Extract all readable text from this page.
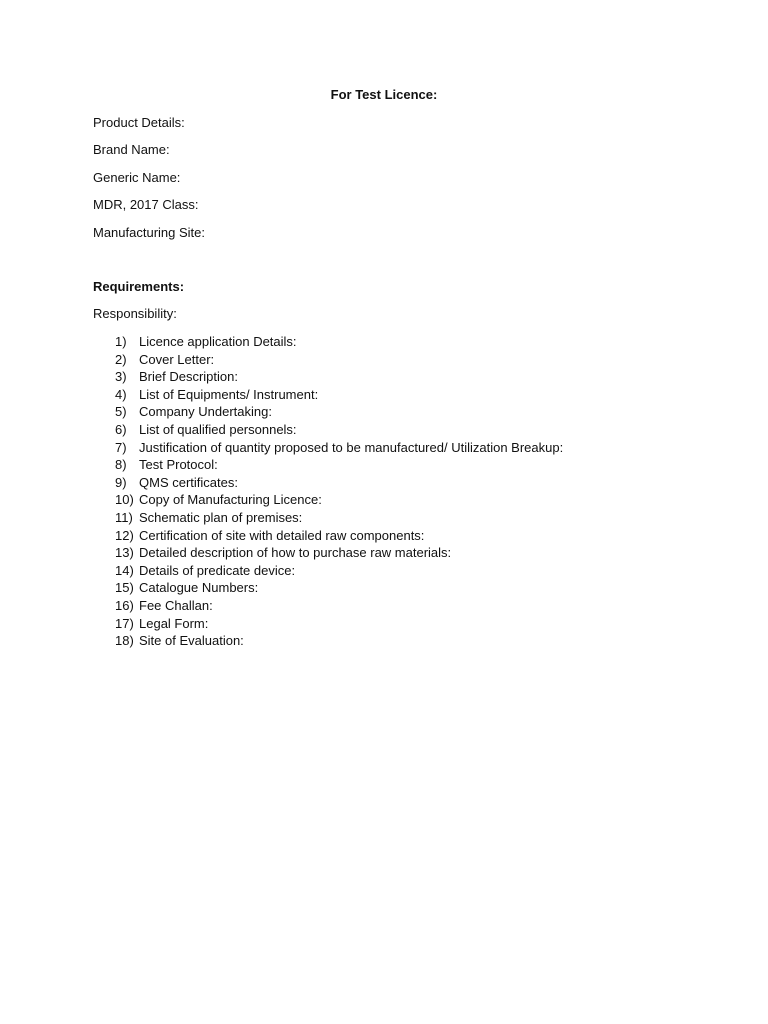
For Test Licence:
Product Details:
Brand Name:
Generic Name:
MDR, 2017 Class:
Manufacturing Site:
Requirements:
Responsibility:
1) Licence application Details:
2) Cover Letter:
3) Brief Description:
4) List of Equipments/ Instrument:
5) Company Undertaking:
6) List of qualified personnels:
7) Justification of quantity proposed to be manufactured/ Utilization Breakup:
8) Test Protocol:
9) QMS certificates:
10) Copy of Manufacturing Licence:
11) Schematic plan of premises:
12) Certification of site with detailed raw components:
13) Detailed description of how to purchase raw materials:
14) Details of predicate device:
15) Catalogue Numbers:
16) Fee Challan:
17) Legal Form:
18) Site of Evaluation:
